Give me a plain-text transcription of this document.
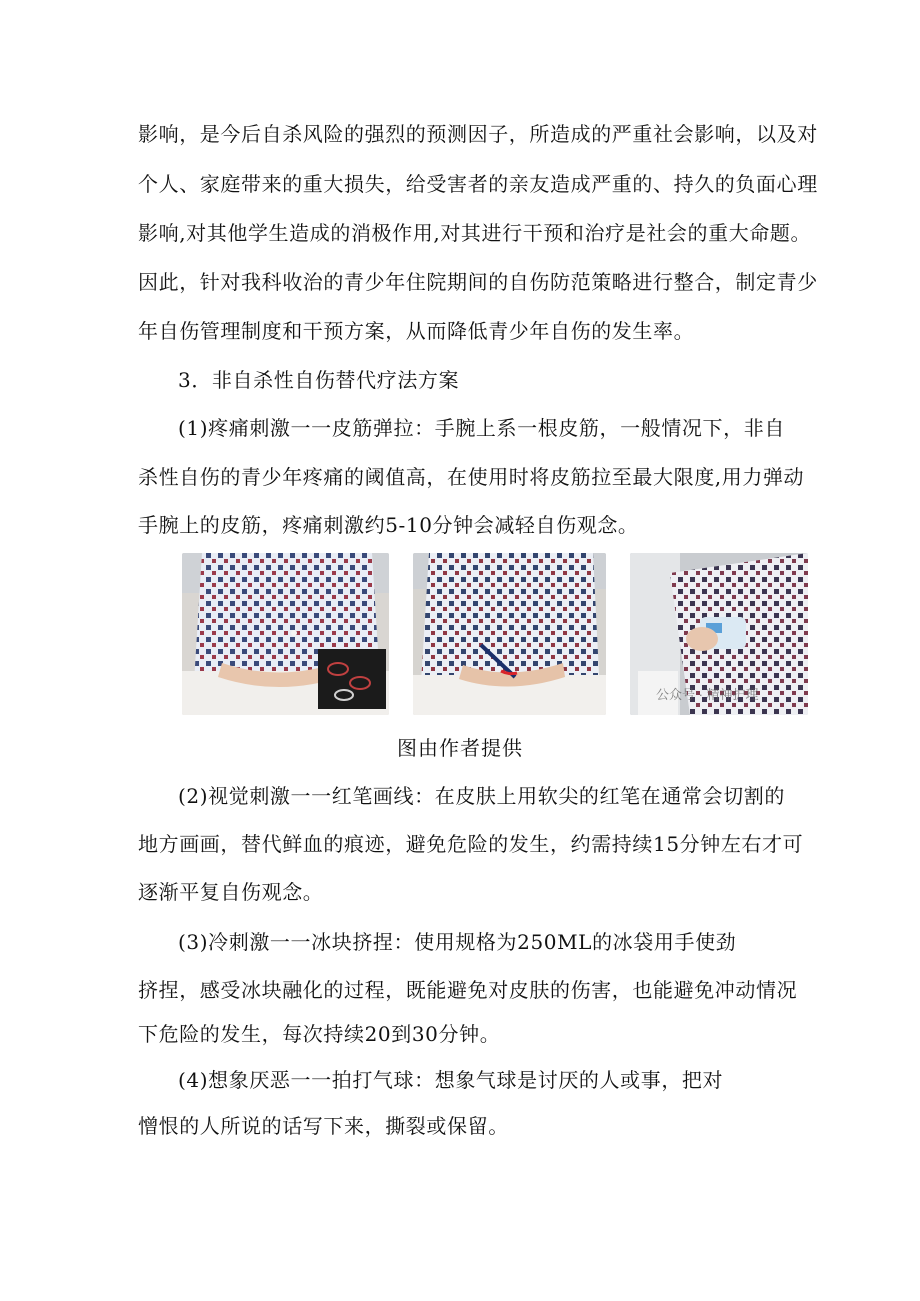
影响，是今后自杀风险的强烈的预测因子，所造成的严重社会影响，以及对
个人、家庭带来的重大损失，给受害者的亲友造成严重的、持久的负面心理
影响,对其他学生造成的消极作用,对其进行干预和治疗是社会的重大命题。
因此，针对我科收治的青少年住院期间的自伤防范策略进行整合，制定青少
年自伤管理制度和干预方案，从而降低青少年自伤的发生率。
3．非自杀性自伤替代疗法方案
(1)疼痛刺激一一皮筋弹拉：手腕上系一根皮筋，一般情况下，非自
杀性自伤的青少年疼痛的阈值高，在使用时将皮筋拉至最大限度,用力弹动
手腕上的皮筋，疼痛刺激约5-10分钟会减轻自伤观念。
公众号 · 精神护理
图由作者提供
(2)视觉刺激一一红笔画线：在皮肤上用软尖的红笔在通常会切割的
地方画画，替代鲜血的痕迹，避免危险的发生，约需持续15分钟左右才可
逐渐平复自伤观念。
(3)冷刺激一一冰块挤捏：使用规格为250ML的冰袋用手使劲
挤捏，感受冰块融化的过程，既能避免对皮肤的伤害，也能避免冲动情况
下危险的发生，每次持续20到30分钟。
(4)想象厌恶一一拍打气球：想象气球是讨厌的人或事，把对
憎恨的人所说的话写下来，撕裂或保留。
